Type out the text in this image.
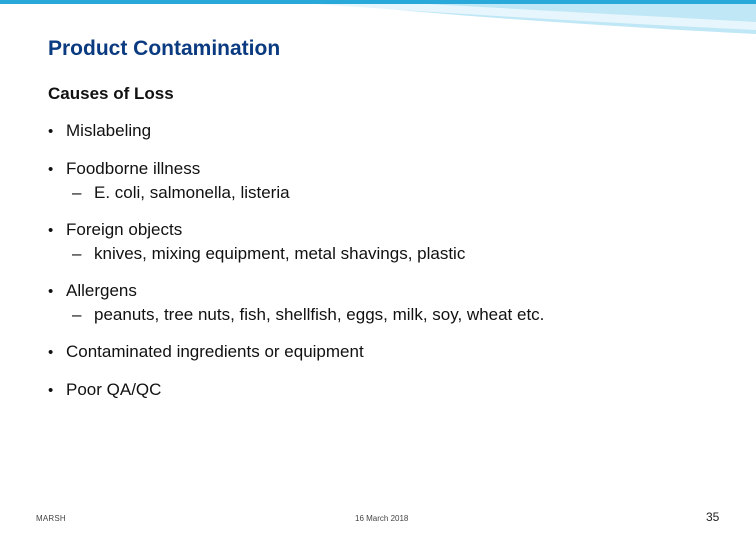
Product Contamination
Causes of Loss
• Mislabeling
• Foodborne illness
– E. coli, salmonella, listeria
• Foreign objects
– knives, mixing equipment, metal shavings, plastic
• Allergens
– peanuts, tree nuts, fish, shellfish, eggs, milk, soy, wheat etc.
• Contaminated ingredients or equipment
• Poor QA/QC
MARSH	16 March 2018	35
